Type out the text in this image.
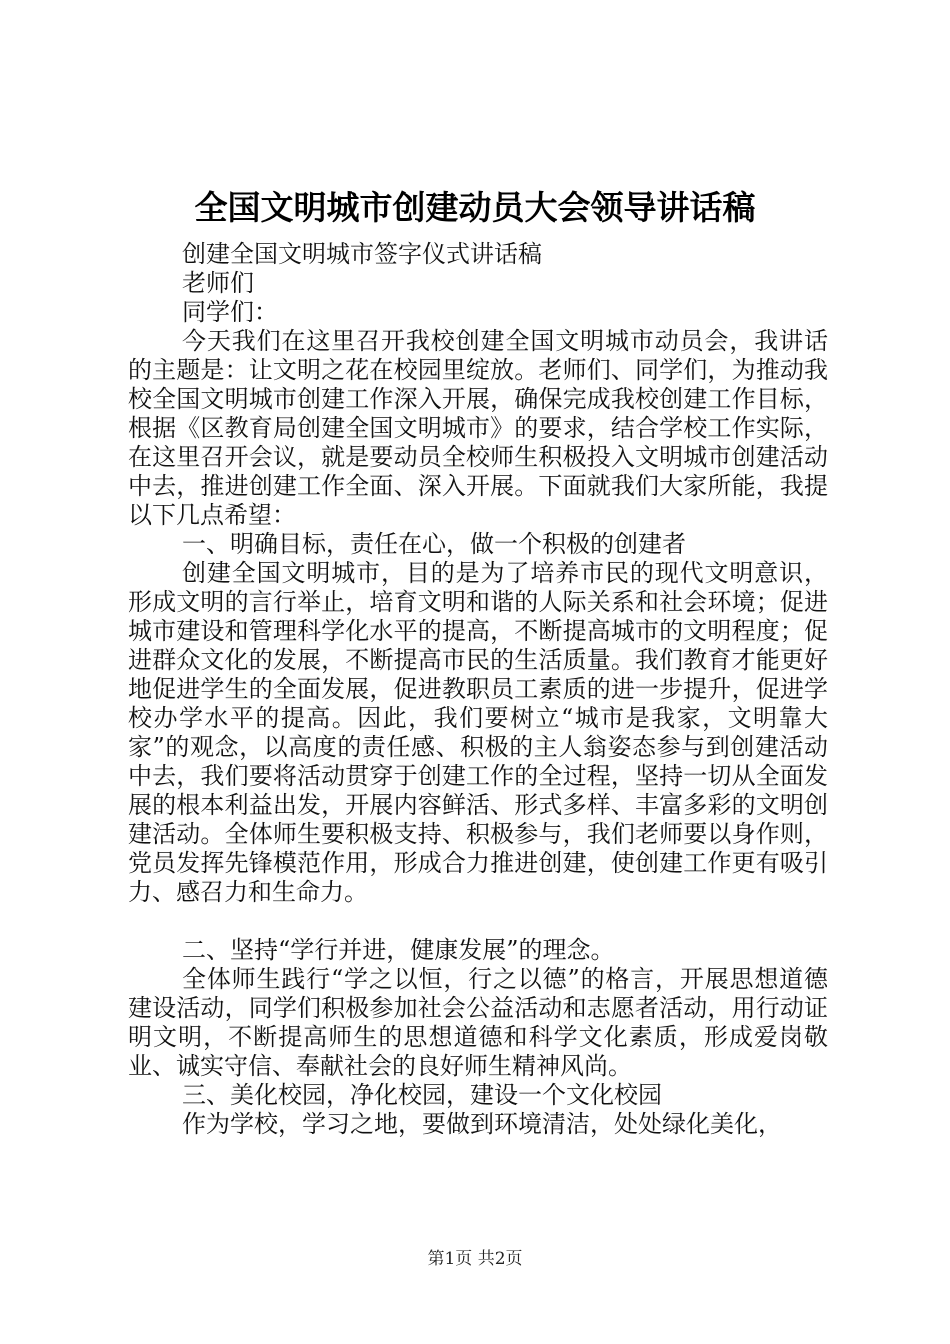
全国文明城市创建动员大会领导讲话稿

创建全国文明城市签字仪式讲话稿

老师们

同学们：

今天我们在这里召开我校创建全国文明城市动员会，我讲话的主题是：让文明之花在校园里绽放。老师们、同学们，为推动我校全国文明城市创建工作深入开展，确保完成我校创建工作目标，根据《区教育局创建全国文明城市》的要求，结合学校工作实际，在这里召开会议，就是要动员全校师生积极投入文明城市创建活动中去，推进创建工作全面、深入开展。下面就我们大家所能，我提以下几点希望：

一、明确目标，责任在心，做一个积极的创建者

创建全国文明城市，目的是为了培养市民的现代文明意识，形成文明的言行举止，培育文明和谐的人际关系和社会环境；促进城市建设和管理科学化水平的提高，不断提高城市的文明程度；促进群众文化的发展，不断提高市民的生活质量。我们教育才能更好地促进学生的全面发展，促进教职员工素质的进一步提升，促进学校办学水平的提高。因此，我们要树立“城市是我家，文明靠大家”的观念，以高度的责任感、积极的主人翁姿态参与到创建活动中去，我们要将活动贯穿于创建工作的全过程，坚持一切从全面发展的根本利益出发，开展内容鲜活、形式多样、丰富多彩的文明创建活动。全体师生要积极支持、积极参与，我们老师要以身作则，党员发挥先锋模范作用，形成合力推进创建，使创建工作更有吸引力、感召力和生命力。

二、坚持“学行并进，健康发展”的理念。

全体师生践行“学之以恒，行之以德”的格言，开展思想道德建设活动，同学们积极参加社会公益活动和志愿者活动，用行动证明文明，不断提高师生的思想道德和科学文化素质，形成爱岗敬业、诚实守信、奉献社会的良好师生精神风尚。

三、美化校园，净化校园，建设一个文化校园

作为学校，学习之地，要做到环境清洁，处处绿化美化，

第1页 共2页
